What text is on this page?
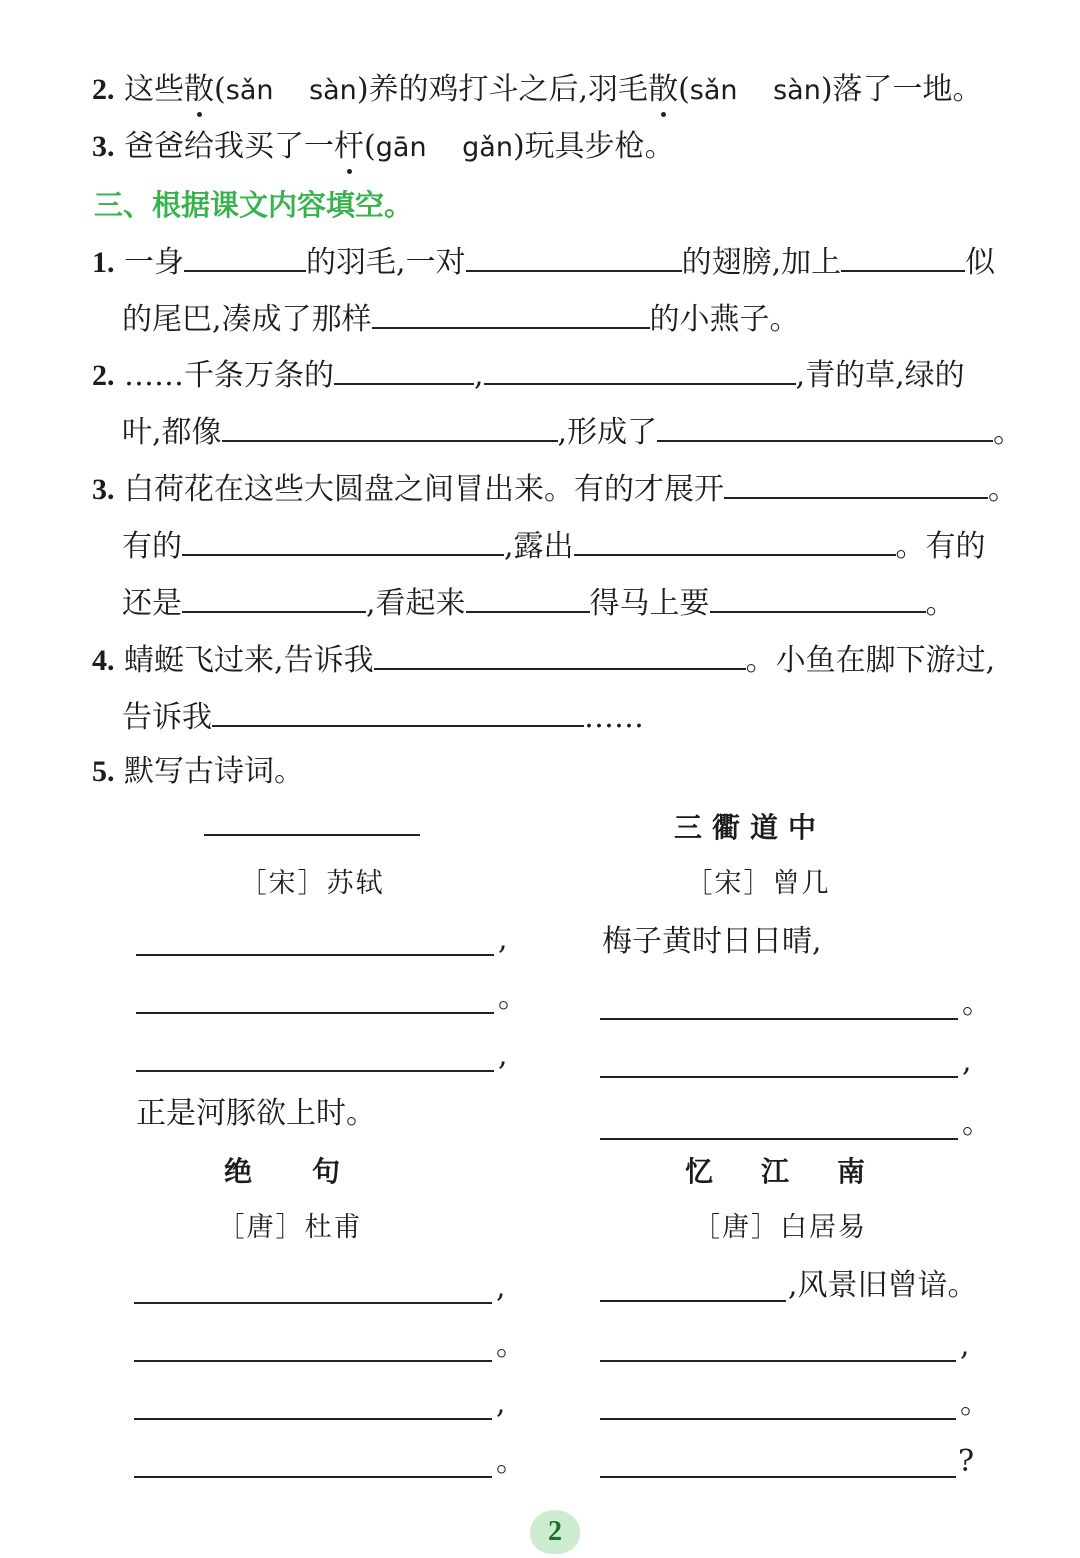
2. 这些散(sǎn　 sàn)养的鸡打斗之后,羽毛散(sǎn　 sàn)落了一地。
3. 爸爸给我买了一杆(gān　 gǎn)玩具步枪。
三、根据课文内容填空。
1. 一身	的羽毛,一对	的翅膀,加上	似
的尾巴,凑成了那样	的小燕子。
2. ……千条万条的	,	,青的草,绿的
叶,都像	,形成了	。
3. 白荷花在这些大圆盘之间冒出来。有的才展开	。
有的	,露出	。有的
还是	,看起来	得马上要	。
4. 蜻蜓飞过来,告诉我	。小鱼在脚下游过,
告诉我	……
5. 默写古诗词。
［宋］苏轼
,
。
,
正是河豚欲上时。
三衢道中
［宋］曾几
梅子黄时日日晴,
。
,
。
绝　句
［唐］杜甫
,
。
,
。
忆　江　南
［唐］白居易
,风景旧曾谙。
,
。
?
2
